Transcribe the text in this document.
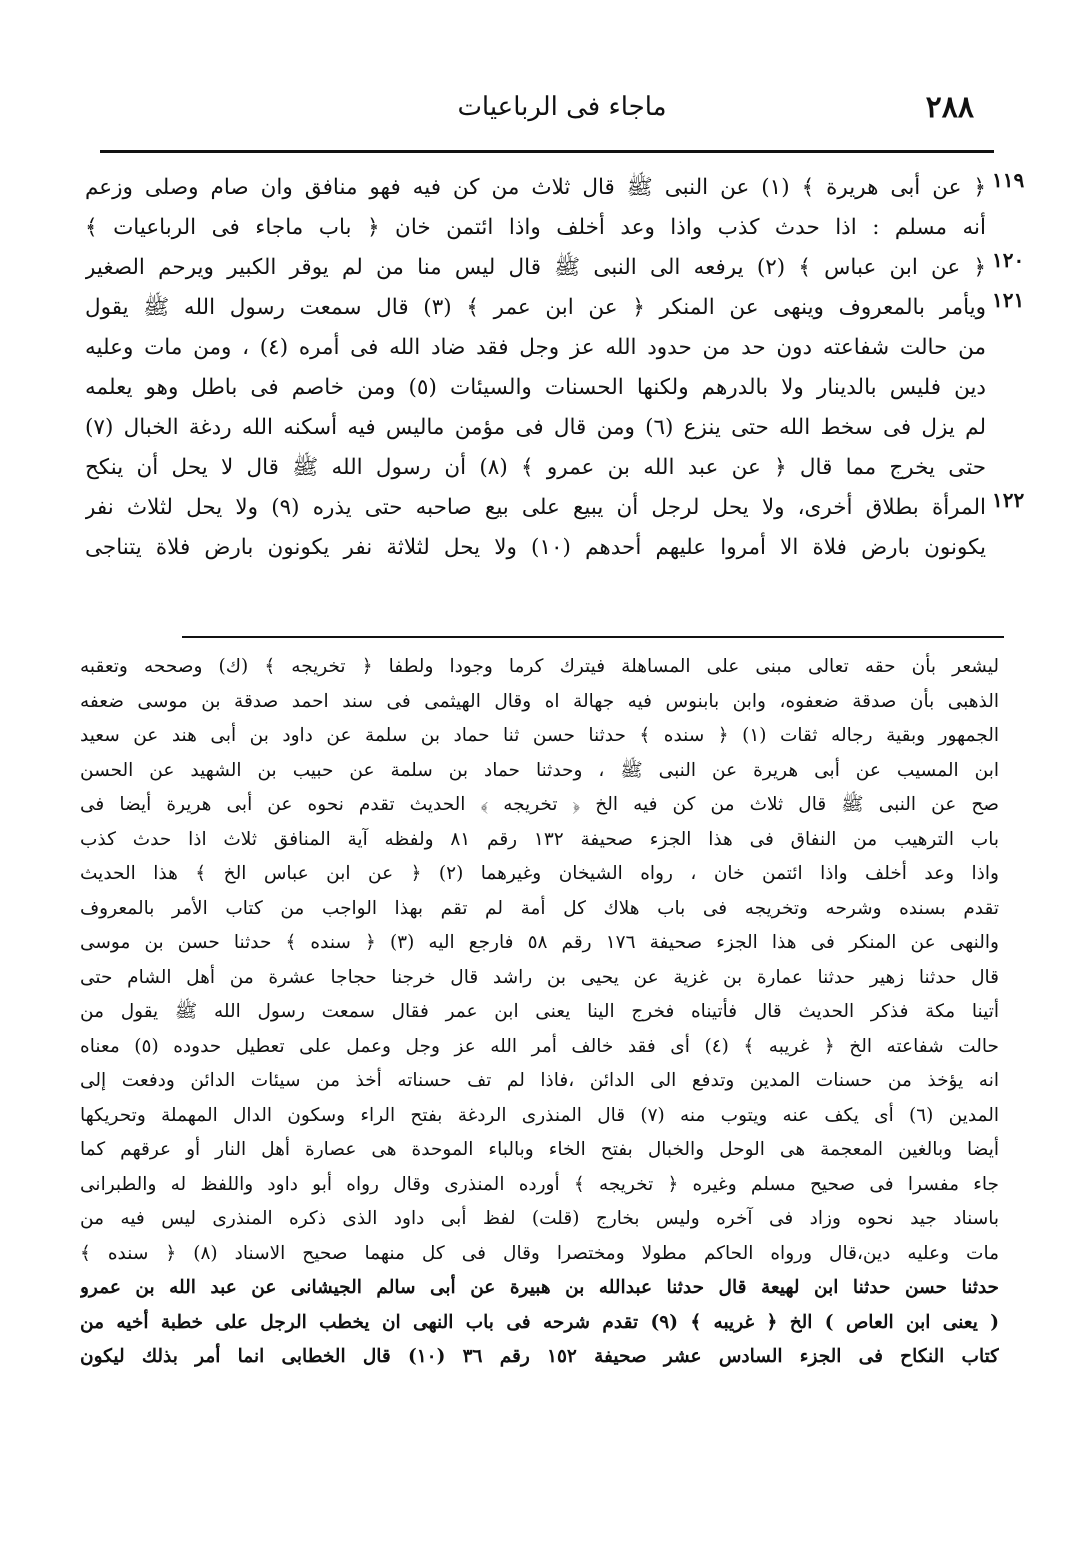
٢٨٨
ماجاء فى الرباعيات
١١٩
١٢٠
١٢١
١٢٢
﴿ عن أبى هريرة ﴾ (١) عن النبى ﷺ قال ثلاث من كن فيه فهو منافق وان صام وصلى وزعم
أنه مسلم : اذا حدث كذب واذا وعد أخلف واذا ائتمن خان ﴿ باب ماجاء فى الرباعيات ﴾
﴿ عن ابن عباس ﴾ (٢) يرفعه الى النبى ﷺ قال ليس منا من لم يوقر الكبير ويرحم الصغير
ويأمر بالمعروف وينهى عن المنكر ﴿ عن ابن عمر ﴾ (٣) قال سمعت رسول الله ﷺ يقول
من حالت شفاعته دون حد من حدود الله عز وجل فقد ضاد الله فى أمره (٤) ، ومن مات وعليه
دين فليس بالدينار ولا بالدرهم ولكنها الحسنات والسيئات (٥) ومن خاصم فى باطل وهو يعلمه
لم يزل فى سخط الله حتى ينزع (٦) ومن قال فى مؤمن ماليس فيه أسكنه الله ردغة الخبال (٧)
حتى يخرج مما قال ﴿ عن عبد الله بن عمرو ﴾ (٨) أن رسول الله ﷺ قال لا يحل أن ينكح
المرأة بطلاق أخرى، ولا يحل لرجل أن يبيع على بيع صاحبه حتى يذره (٩) ولا يحل لثلاث نفر
يكونون بارض فلاة الا أمروا عليهم أحدهم (١٠) ولا يحل لثلاثة نفر يكونون بارض فلاة يتناجى
ليشعر بأن حقه تعالى مبنى على المساهلة فيترك كرما وجودا ولطفا ﴿ تخريجه ﴾ (ك) وصححه وتعقبه
الذهبى بأن صدقة ضعفوه، وابن بابنوس فيه جهالة اه وقال الهيثمى فى سند احمد صدقة بن موسى ضعفه
الجمهور وبقية رجاله ثقات (١) ﴿ سنده ﴾ حدثنا حسن ثنا حماد بن سلمة عن داود بن أبى هند عن سعيد
ابن المسيب عن أبى هريرة عن النبى ﷺ ، وحدثنا حماد بن سلمة عن حبيب بن الشهيد عن الحسن
صح عن النبى ﷺ قال ثلاث من كن فيه الخ ﴿ تخريجه ﴾ الحديث تقدم نحوه عن أبى هريرة أيضا فى
باب الترهيب من النفاق فى هذا الجزء صحيفة ١٣٢ رقم ٨١ ولفظه آية المنافق ثلاث اذا حدث كذب
واذا وعد أخلف واذا ائتمن خان ، رواه الشيخان وغيرهما (٢) ﴿ عن ابن عباس الخ ﴾ هذا الحديث
تقدم بسنده وشرحه وتخريجه فى باب هلاك كل أمة لم تقم بهذا الواجب من كتاب الأمر بالمعروف
والنهى عن المنكر فى هذا الجزء صحيفة ١٧٦ رقم ٥٨ فارجع اليه (٣) ﴿ سنده ﴾ حدثنا حسن بن موسى
قال حدثنا زهير حدثنا عمارة بن غزية عن يحيى بن راشد قال خرجنا حجاجا عشرة من أهل الشام حتى
أتينا مكة فذكر الحديث قال فأتيناه فخرج الينا يعنى ابن عمر فقال سمعت رسول الله ﷺ يقول من
حالت شفاعته الخ ﴿ غريبه ﴾ (٤) أى فقد خالف أمر الله عز وجل وعمل على تعطيل حدوده (٥) معناه
انه يؤخذ من حسنات المدين وتدفع الى الدائن ،فاذا لم تف حسناته أخذ من سيئات الدائن ودفعت إلى
المدين (٦) أى يكف عنه ويتوب منه (٧) قال المنذرى الردغة بفتح الراء وسكون الدال المهملة وتحريكها
أيضا وبالغين المعجمة هى الوحل والخبال بفتح الخاء وبالباء الموحدة هى عصارة أهل النار أو عرقهم كما
جاء مفسرا فى صحيح مسلم وغيره ﴿ تخريجه ﴾ أورده المنذرى وقال رواه أبو داود واللفظ له والطبرانى
باسناد جيد نحوه وزاد فى آخره وليس بخارج (قلت) لفظ أبى داود الذى ذكره المنذرى ليس فيه من
مات وعليه دين،قال ورواه الحاكم مطولا ومختصرا وقال فى كل منهما صحيح الاسناد (٨) ﴿ سنده ﴾
حدثنا حسن حدثنا ابن لهيعة قال حدثنا عبدالله بن هبيرة عن أبى سالم الجيشانى عن عبد الله بن عمرو
( يعنى ابن العاص ) الخ ﴿ غريبه ﴾ (٩) تقدم شرحه فى باب النهى ان يخطب الرجل على خطبة أخيه من
كتاب النكاح فى الجزء السادس عشر صحيفة ١٥٢ رقم ٣٦ (١٠) قال الخطابى انما أمر بذلك ليكون
